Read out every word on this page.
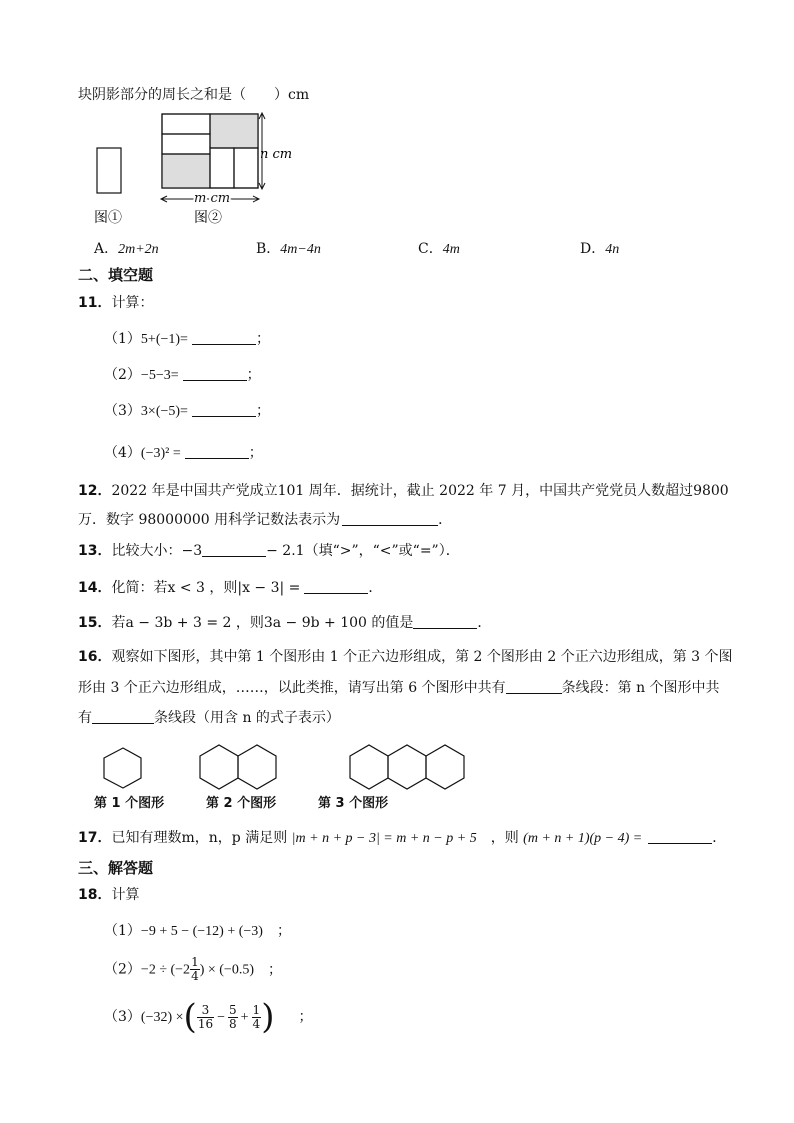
块阴影部分的周长之和是（　　）cm
n cm
m cm
图①	图②
A．2m+2n	B．4m−4n	C．4m	D．4n
二、填空题
11．计算：
（1）5+(−1)=	；
（2）−5−3=	；
（3）3×(−5)=	；
（4）(−3)² =	；
12．2022 年是中国共产党成立101 周年．据统计，截止 2022 年 7 月，中国共产党党员人数超过9800
万．数字 98000000 用科学记数法表示为	．
13．比较大小：−3	− 2.1（填“>”，“<”或“=”）．
14．化简：若x < 3 ，则|x − 3| =	．
15．若a − 3b + 3 = 2 ，则3a − 9b + 100 的值是	．
16．观察如下图形，其中第 1 个图形由 1 个正六边形组成，第 2 个图形由 2 个正六边形组成，第 3 个图
形由 3 个正六边形组成，……，以此类推，请写出第 6 个图形中共有	条线段：第 n 个图形中共
有	条线段（用含 n 的式子表示）
第 1 个图形	第 2 个图形	第 3 个图形
17．已知有理数m，n，p 满足则 |m + n + p − 3| = m + n − p + 5 ，则 (m + n + 1)(p − 4) =	．
三、解答题
18．计算
（1）−9 + 5 − (−12) + (−3) ；
$(2)-2 \div (-2 \frac{1}{4}$ ) × (−0.5) ；
（3）(−32) ×( $\frac{3}{16} - \frac{5}{8} + \frac{1}{4}$ ) ；
